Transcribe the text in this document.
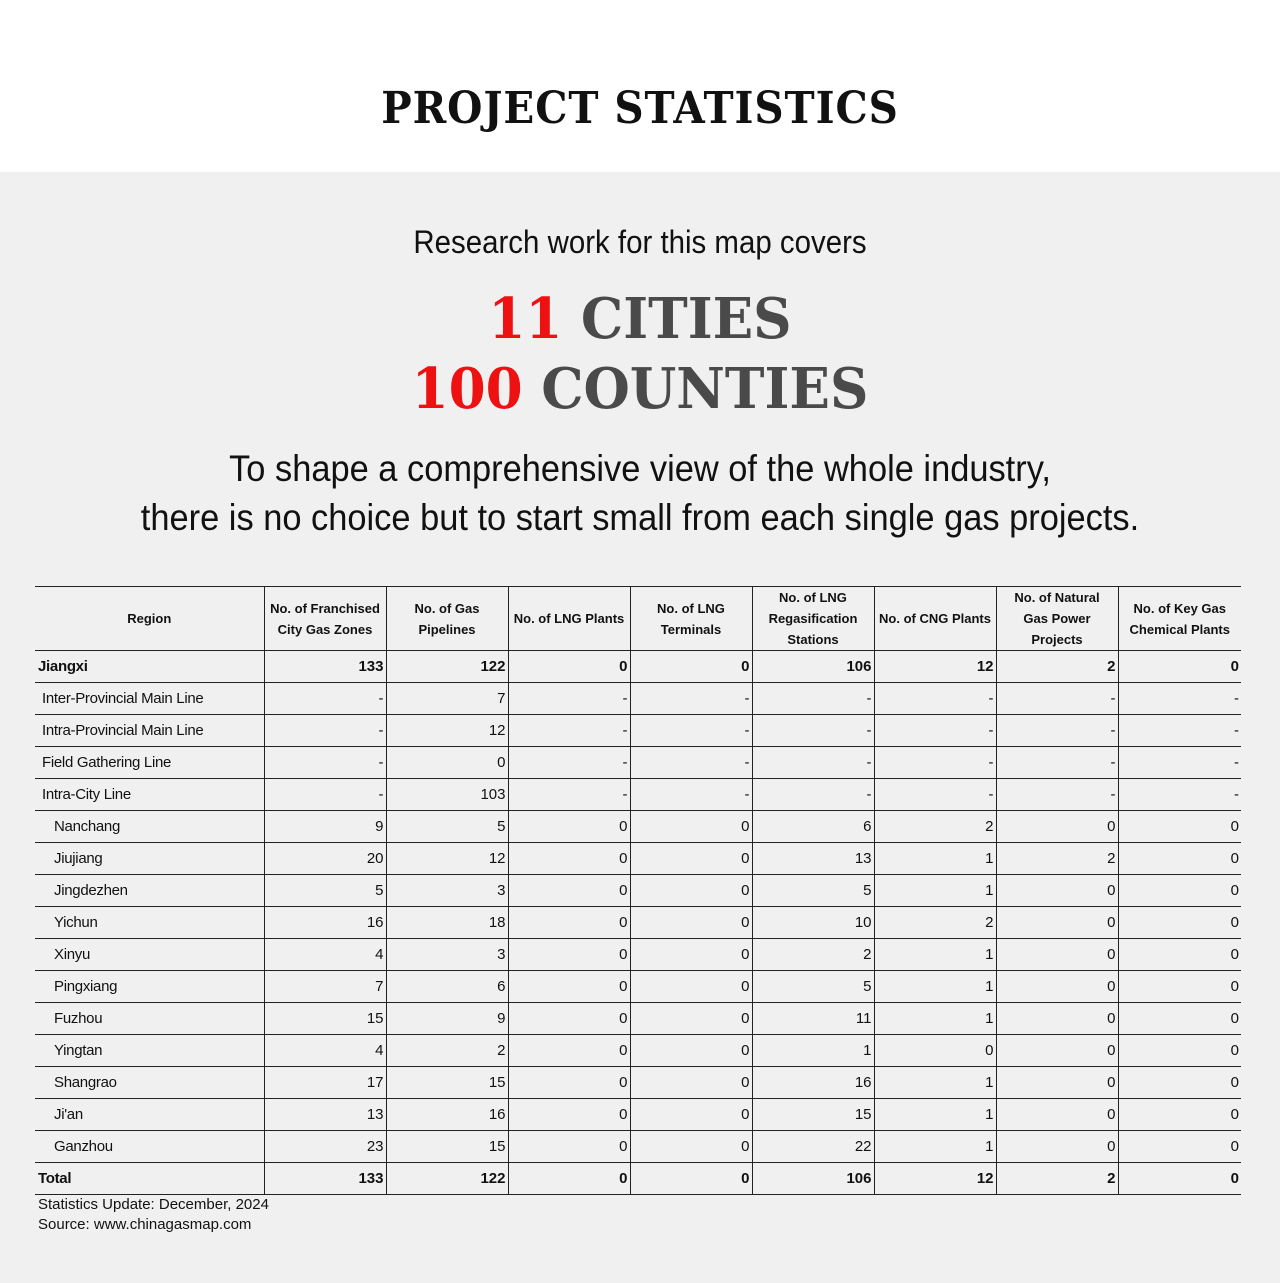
PROJECT STATISTICS
Research work for this map covers
11 CITIES
100 COUNTIES
To shape a comprehensive view of the whole industry,
there is no choice but to start small from each single gas projects.
Region	No. of Franchised City Gas Zones	No. of Gas Pipelines	No. of LNG Plants	No. of LNG Terminals	No. of LNG Regasification Stations	No. of CNG Plants	No. of Natural Gas Power Projects	No. of Key Gas Chemical Plants
Jiangxi	133	122	0	0	106	12	2	0
Inter-Provincial Main Line	-	7	-	-	-	-	-	-
Intra-Provincial Main Line	-	12	-	-	-	-	-	-
Field Gathering Line	-	0	-	-	-	-	-	-
Intra-City Line	-	103	-	-	-	-	-	-
Nanchang	9	5	0	0	6	2	0	0
Jiujiang	20	12	0	0	13	1	2	0
Jingdezhen	5	3	0	0	5	1	0	0
Yichun	16	18	0	0	10	2	0	0
Xinyu	4	3	0	0	2	1	0	0
Pingxiang	7	6	0	0	5	1	0	0
Fuzhou	15	9	0	0	11	1	0	0
Yingtan	4	2	0	0	1	0	0	0
Shangrao	17	15	0	0	16	1	0	0
Ji'an	13	16	0	0	15	1	0	0
Ganzhou	23	15	0	0	22	1	0	0
Total	133	122	0	0	106	12	2	0
Statistics Update: December, 2024
Source: www.chinagasmap.com
